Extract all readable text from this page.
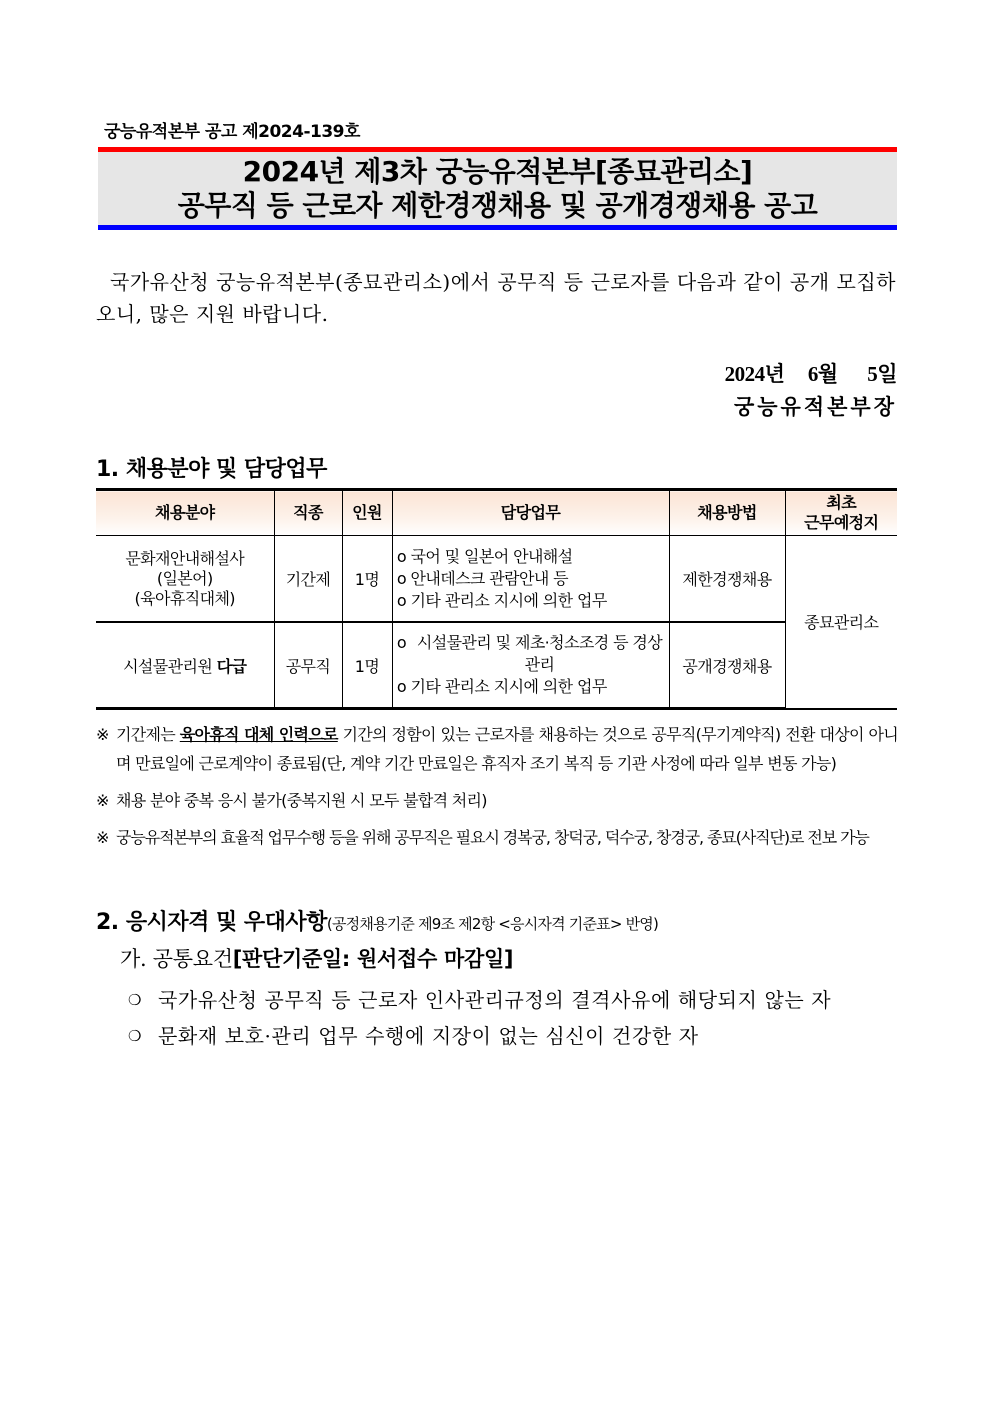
궁능유적본부 공고 제2024-139호
2024년 제3차 궁능유적본부[종묘관리소]
공무직 등 근로자 제한경쟁채용 및 공개경쟁채용 공고
국가유산청 궁능유적본부(종묘관리소)에서 공무직 등 근로자를 다음과 같이 공개 모집하오니, 많은 지원 바랍니다.
2024년 6월 5일
궁능유적본부장
1. 채용분야 및 담당업무
채용분야	직종	인원	담당업무	채용방법	최초
근무예정지

문화재안내해설사
(일본어)
(육아휴직대체)
	기간제	1명	
o 국어 및 일본어 안내해설
o 안내데스크 관람안내 등
o 기타 관리소 지시에 의한 업무
	제한경쟁채용	종묘관리소
시설물관리원 다급	공무직	1명	o 시설물관리 및 제초·청소조경 등 경상관리
o 기타 관리소 지시에 의한 업무	공개경쟁채용	
※ 기간제는 육아휴직 대체 인력으로 기간의 정함이 있는 근로자를 채용하는 것으로 공무직(무기계약직) 전환 대상이 아니며 만료일에 근로계약이 종료됨(단, 계약 기간 만료일은 휴직자 조기 복직 등 기관 사정에 따라 일부 변동 가능)
※ 채용 분야 중복 응시 불가(중복지원 시 모두 불합격 처리)
※ 궁능유적본부의 효율적 업무수행 등을 위해 공무직은 필요시 경복궁, 창덕궁, 덕수궁, 창경궁, 종묘(사직단)로 전보 가능
2. 응시자격 및 우대사항(공정채용기준 제9조 제2항 <응시자격 기준표> 반영)
가. 공통요건[판단기준일: 원서접수 마감일]
❍ 국가유산청 공무직 등 근로자 인사관리규정의 결격사유에 해당되지 않는 자
❍ 문화재 보호·관리 업무 수행에 지장이 없는 심신이 건강한 자
